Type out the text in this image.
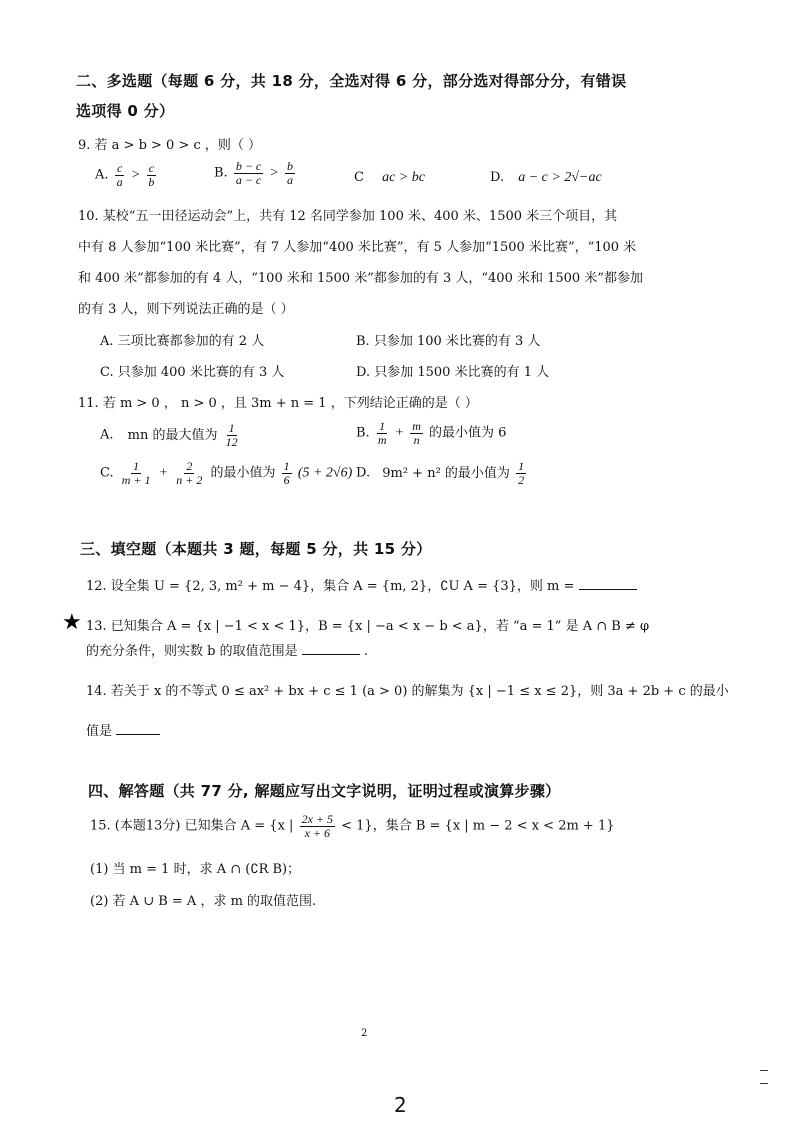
二、多选题（每题 6 分，共 18 分，全选对得 6 分，部分选对得部分分，有错误
选项得 0 分）
9. 若 a > b > 0 > c ，则（ ）
A. $\frac{c}{a} > \frac{c}{b}$	B. $\frac{b - c}{a - c} > \frac{b}{a}$	C ac > bc	D. a − c > 2√−ac
10. 某校“五一田径运动会”上，共有 12 名同学参加 100 米、400 米、1500 米三个项目，其
中有 8 人参加“100 米比赛”，有 7 人参加“400 米比赛”，有 5 人参加“1500 米比赛”，“100 米
和 400 米”都参加的有 4 人，“100 米和 1500 米”都参加的有 3 人，“400 米和 1500 米”都参加
的有 3 人，则下列说法正确的是（ ）
A. 三项比赛都参加的有 2 人	B. 只参加 100 米比赛的有 3 人
C. 只参加 400 米比赛的有 3 人	D. 只参加 1500 米比赛的有 1 人
11. 若 m > 0 ， n > 0 ，且 3m + n = 1 ，下列结论正确的是（ ）
A. mn 的最大值为 $\frac{1}{12}$	B. $\frac{1}{m} + \frac{m}{n}$ 的最小值为 6
C. $\frac{1}{m + 1} + \frac{2}{n + 2}$ 的最小值为 $\frac{1}{6} (5 + 2√6)$ D. 9m² + n² 的最小值为 $\frac{1}{2}$
三、填空题（本题共 3 题，每题 5 分，共 15 分）
12. 设全集 U = {2, 3, m² + m − 4}，集合 A = {m, 2}，∁U A = {3}，则 m =
★ 13. 已知集合 A = {x | −1 < x < 1}，B = {x | −a < x − b < a}，若 “a = 1” 是 A ∩ B ≠ φ
的充分条件，则实数 b 的取值范围是	.
14. 若关于 x 的不等式 0 ≤ ax² + bx + c ≤ 1 (a > 0) 的解集为 {x | −1 ≤ x ≤ 2}，则 3a + 2b + c 的最小
值是
四、解答题（共 77 分, 解题应写出文字说明，证明过程或演算步骤）
15. (本题13分) 已知集合 A = {x | $\frac{2x + 5}{x + 6} < 1$}，集合 B = {x | m − 2 < x < 2m + 1}
(1) 当 m = 1 时，求 A ∩ (∁R B)；
(2) 若 A ∪ B = A ，求 m 的取值范围.
2
2
